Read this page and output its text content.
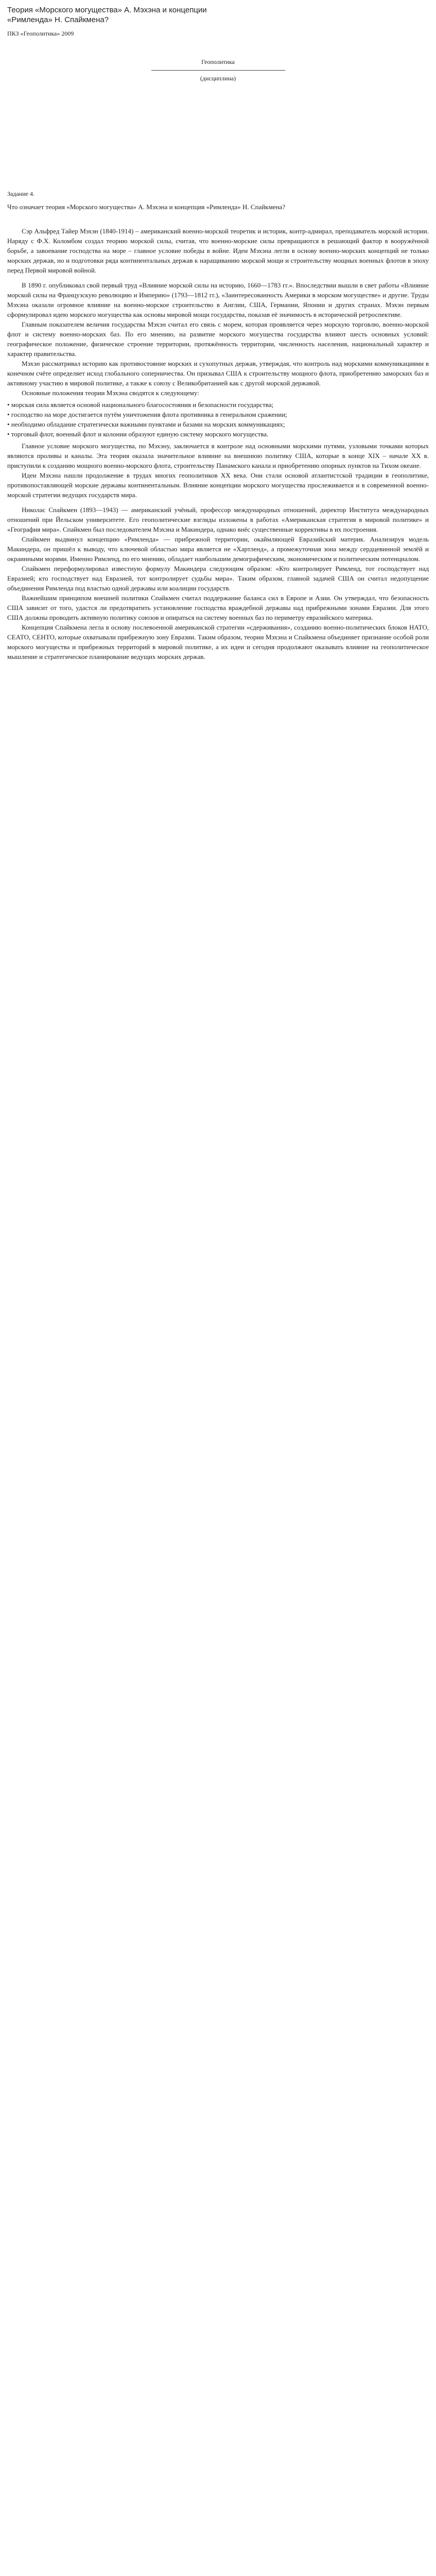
Теория «Морского могущества» А. Мэхэна и концепции «Римленда» Н. Спайкмена?
ПКЗ «Геополитика» 2009
Геополитика
(дисциплина)
Задание 4.
Что означает теория «Морского могущества» А. Мэхэна и концепция «Римленда» Н. Спайкмена?

Сэр Альфред Тайер Мэхэн (1840-1914) – американский военно-морской теоретик и историк, контр-адмирал, преподаватель морской истории. Наряду с Ф.Х. Коломбом создал теорию морской силы, считая, что военно-морские силы превращаются в решающий фактор в вооружённой борьбе, а завоевание господства на море – главное условие победы в войне. Идеи Мэхэна легли в основу военно-морских концепций не только морских держав, но и подготовки ряда континентальных держав к наращиванию морской мощи и строительству мощных военных флотов в эпоху перед Первой мировой войной.

В 1890 г. опубликовал свой первый труд «Влияние морской силы на историю, 1660—1783 гг.». Впоследствии вышли в свет работы «Влияние морской силы на Французскую революцию и Империю» (1793—1812 гг.), «Заинтересованность Америки в морском могуществе» и другие. Труды Мэхэна оказали огромное влияние на военно-морское строительство в Англии, США, Германии, Японии и других странах. Мэхэн первым сформулировал идею морского могущества как основы мировой мощи государства, показав её значимость в исторической ретроспективе.

Главным показателем величия государства Мэхэн считал его связь с морем, которая проявляется через морскую торговлю, военно-морской флот и систему военно-морских баз. По его мнению, на развитие морского могущества государства влияют шесть основных условий: географическое положение, физическое строение территории, протяжённость территории, численность населения, национальный характер и характер правительства.

Мэхэн рассматривал историю как противостояние морских и сухопутных держав, утверждая, что контроль над морскими коммуникациями в конечном счёте определяет исход глобального соперничества. Он призывал США к строительству мощного флота, приобретению заморских баз и активному участию в мировой политике, а также к союзу с Великобританией как с другой морской державой.

Основные положения теории Мэхэна сводятся к следующему:

• морская сила является основой национального благосостояния и безопасности государства;

• господство на море достигается путём уничтожения флота противника в генеральном сражении;

• необходимо обладание стратегически важными пунктами и базами на морских коммуникациях;

• торговый флот, военный флот и колонии образуют единую систему морского могущества.

Главное условие морского могущества, по Мэхэну, заключается в контроле над основными морскими путями, узловыми точками которых являются проливы и каналы. Эта теория оказала значительное влияние на внешнюю политику США, которые в конце XIX – начале XX в. приступили к созданию мощного военно-морского флота, строительству Панамского канала и приобретению опорных пунктов на Тихом океане.

Идеи Мэхэна нашли продолжение в трудах многих геополитиков XX века. Они стали основой атлантистской традиции в геополитике, противопоставляющей морские державы континентальным. Влияние концепции морского могущества прослеживается и в современной военно-морской стратегии ведущих государств мира.

Николас Спайкмен (1893—1943) — американский учёный, профессор международных отношений, директор Института международных отношений при Йельском университете. Его геополитические взгляды изложены в работах «Американская стратегия в мировой политике» и «География мира». Спайкмен был последователем Мэхэна и Макиндера, однако внёс существенные коррективы в их построения.

Спайкмен выдвинул концепцию «Римленда» — прибрежной территории, окаймляющей Евразийский материк. Анализируя модель Макиндера, он пришёл к выводу, что ключевой областью мира является не «Хартленд», а промежуточная зона между сердцевинной землёй и окраинными морями. Именно Римленд, по его мнению, обладает наибольшим демографическим, экономическим и политическим потенциалом.

Спайкмен переформулировал известную формулу Макиндера следующим образом: «Кто контролирует Римленд, тот господствует над Евразией; кто господствует над Евразией, тот контролирует судьбы мира». Таким образом, главной задачей США он считал недопущение объединения Римленда под властью одной державы или коалиции государств.

Важнейшим принципом внешней политики Спайкмен считал поддержание баланса сил в Европе и Азии. Он утверждал, что безопасность США зависит от того, удастся ли предотвратить установление господства враждебной державы над прибрежными зонами Евразии. Для этого США должны проводить активную политику союзов и опираться на систему военных баз по периметру евразийского материка.

Концепция Спайкмена легла в основу послевоенной американской стратегии «сдерживания», созданию военно-политических блоков НАТО, СЕАТО, СЕНТО, которые охватывали прибрежную зону Евразии. Таким образом, теории Мэхэна и Спайкмена объединяет признание особой роли морского могущества и прибрежных территорий в мировой политике, а их идеи и сегодня продолжают оказывать влияние на геополитическое мышление и стратегическое планирование ведущих морских держав.
